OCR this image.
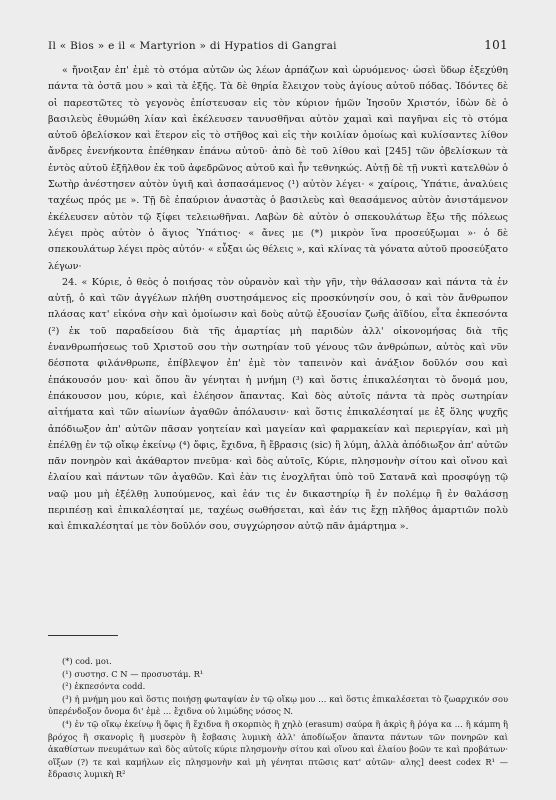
Il « Bios » e il « Martyrion » di Hypatios di Gangrai	101

« ἤνοιξαν ἐπ' ἐμὲ τὸ στόμα αὐτῶν ὡς λέων ἁρπάζων καὶ ὠρυόμενος· ὡσεὶ ὕδωρ ἐξεχύθη πάντα τὰ ὀστᾶ μου » καὶ τὰ ἑξῆς. Τὰ δὲ θηρία ἔλειχον τοὺς ἁγίους αὐτοῦ πόδας. Ἰδόντες δὲ οἱ παρεστῶτες τὸ γεγονὸς ἐπίστευσαν εἰς τὸν κύριον ἡμῶν Ἰησοῦν Χριστόν, ἰδὼν δὲ ὁ βασιλεὺς ἐθυμώθη λίαν καὶ ἐκέλευσεν τανυσθῆναι αὐτὸν χαμαὶ καὶ παγῆναι εἰς τὸ στόμα αὐτοῦ ὀβελίσκον καὶ ἕτερον εἰς τὸ στῆθος καὶ εἰς τὴν κοιλίαν ὁμοίως καὶ κυλίσαντες λίθον ἄνδρες ἐνενήκοντα ἐπέθηκαν ἐπάνω αὐτοῦ· ἀπὸ δὲ τοῦ λίθου καὶ [245] τῶν ὀβελίσκων τὰ ἐντὸς αὐτοῦ ἐξῆλθον ἐκ τοῦ ἀφεδρῶνος αὐτοῦ καὶ ἦν τεθνηκώς. Αὐτῇ δὲ τῇ νυκτὶ κατελθὼν ὁ Σωτὴρ ἀνέστησεν αὐτὸν ὑγιῆ καὶ ἀσπασάμενος (¹) αὐτὸν λέγει· « χαίροις, Ὑπάτιε, ἀναλύεις ταχέως πρός με ». Τῇ δὲ ἐπαύριον ἀναστὰς ὁ βασιλεὺς καὶ θεασάμενος αὐτὸν ἀνιστάμενον ἐκέλευσεν αὐτὸν τῷ ξίφει τελειωθῆναι. Λαβὼν δὲ αὐτὸν ὁ σπεκουλάτωρ ἔξω τῆς πόλεως λέγει πρὸς αὐτὸν ὁ ἅγιος Ὑπάτιος· « ἄνες με (*) μικρὸν ἵνα προσεύξωμαι »· ὁ δὲ σπεκουλάτωρ λέγει πρὸς αὐτόν· « εὖξαι ὡς θέλεις », καὶ κλίνας τὰ γόνατα αὐτοῦ προσεύξατο λέγων·

24. « Κύριε, ὁ θεὸς ὁ ποιήσας τὸν οὐρανὸν καὶ τὴν γῆν, τὴν θάλασσαν καὶ πάντα τὰ ἐν αὐτῇ, ὁ καὶ τῶν ἀγγέλων πλήθη συστησάμενος εἰς προσκύνησίν σου, ὁ καὶ τὸν ἄνθρωπον πλάσας κατ' εἰκόνα σὴν καὶ ὁμοίωσιν καὶ δοὺς αὐτῷ ἐξουσίαν ζωῆς ἀϊδίου, εἶτα ἐκπεσόντα (²) ἐκ τοῦ παραδείσου διὰ τῆς ἁμαρτίας μὴ παριδὼν ἀλλ' οἰκονομήσας διὰ τῆς ἐνανθρωπήσεως τοῦ Χριστοῦ σου τὴν σωτηρίαν τοῦ γένους τῶν ἀνθρώπων, αὐτὸς καὶ νῦν δέσποτα φιλάνθρωπε, ἐπίβλεψον ἐπ' ἐμὲ τὸν ταπεινὸν καὶ ἀνάξιον δοῦλόν σου καὶ ἐπάκουσόν μου· καὶ ὅπου ἂν γένηται ἡ μνήμη (³) καὶ ὅστις ἐπικαλέσηται τὸ ὄνομά μου, ἐπάκουσον μου, κύριε, καὶ ἐλέησον ἅπαντας. Καὶ δὸς αὐτοῖς πάντα τὰ πρὸς σωτηρίαν αἰτήματα καὶ τῶν αἰωνίων ἀγαθῶν ἀπόλαυσιν· καὶ ὅστις ἐπικαλέσηταί με ἐξ ὅλης ψυχῆς ἀπόδιωξον ἀπ' αὐτῶν πᾶσαν γοητείαν καὶ μαγείαν καὶ φαρμακείαν καὶ περιεργίαν, καὶ μὴ ἐπέλθῃ ἐν τῷ οἴκῳ ἐκείνῳ (⁴) ὄφις, ἔχιδνα, ἢ ἔβρασις (sic) ἢ λύμη, ἀλλὰ ἀπόδιωξον ἀπ' αὐτῶν πᾶν πονηρὸν καὶ ἀκάθαρτον πνεῦμα· καὶ δὸς αὐτοῖς, Κύριε, πλησμονὴν σίτου καὶ οἴνου καὶ ἐλαίου καὶ πάντων τῶν ἀγαθῶν. Καὶ ἐὰν τις ἐνοχλῆται ὑπὸ τοῦ Σατανᾶ καὶ προσφύγῃ τῷ ναῷ μου μὴ ἐξέλθῃ λυπούμενος, καὶ ἐάν τις ἐν δικαστηρίῳ ἢ ἐν πολέμῳ ἢ ἐν θαλάσσῃ περιπέσῃ καὶ ἐπικαλέσηταί με, ταχέως σωθήσεται, καὶ ἐάν τις ἔχῃ πλῆθος ἁμαρτιῶν πολὺ καὶ ἐπικαλέσηταί με τὸν δοῦλόν σου, συγχώρησον αὐτῷ πᾶν ἁμάρτημα ».

(*) cod. μοι.

(¹) συστησ. C N — προσυστάμ. R¹

(²) ἐκπεσόντα codd.

(³) ἡ μνήμη μου καὶ ὅστις ποιήσῃ φωταψίαν ἐν τῷ οἴκῳ μου … καὶ ὅστις ἐπικαλέσεται τὸ ζωαρχικόν σου ὑπερένδοξον ὄνομα δι' ἐμὲ … ἔχιδνα οὐ λιμώδης νόσος N.

(⁴) ἐν τῷ οἴκῳ ἐκείνῳ ἢ ὄφις ἢ ἔχιδνα ἢ σκορπιὸς ἢ χηλὸ (erasum) σαύρα ἢ ἀκρὶς ἢ ῥόγα κα … ἢ κάμπη ἢ βρόχος ἢ σκανορὶς ἢ μυσερὸν ἢ ἔσβασις λυμικὴ ἀλλ' ἀποδίωξον ἅπαντα πάντων τῶν πονηρῶν καὶ ἀκαθίστων πνευμάτων καὶ δὸς αὐτοῖς κύριε πλησμονὴν σίτου καὶ οἴνου καὶ ἐλαίου βοῶν τε καὶ προβάτων· οἴξων (?) τε καὶ καμήλων εἰς πλησμονὴν καὶ μὴ γένηται πτῶσις κατ' αὐτῶν· αλης] deest codex R¹ — ἔδρασις λυμικὴ R²
